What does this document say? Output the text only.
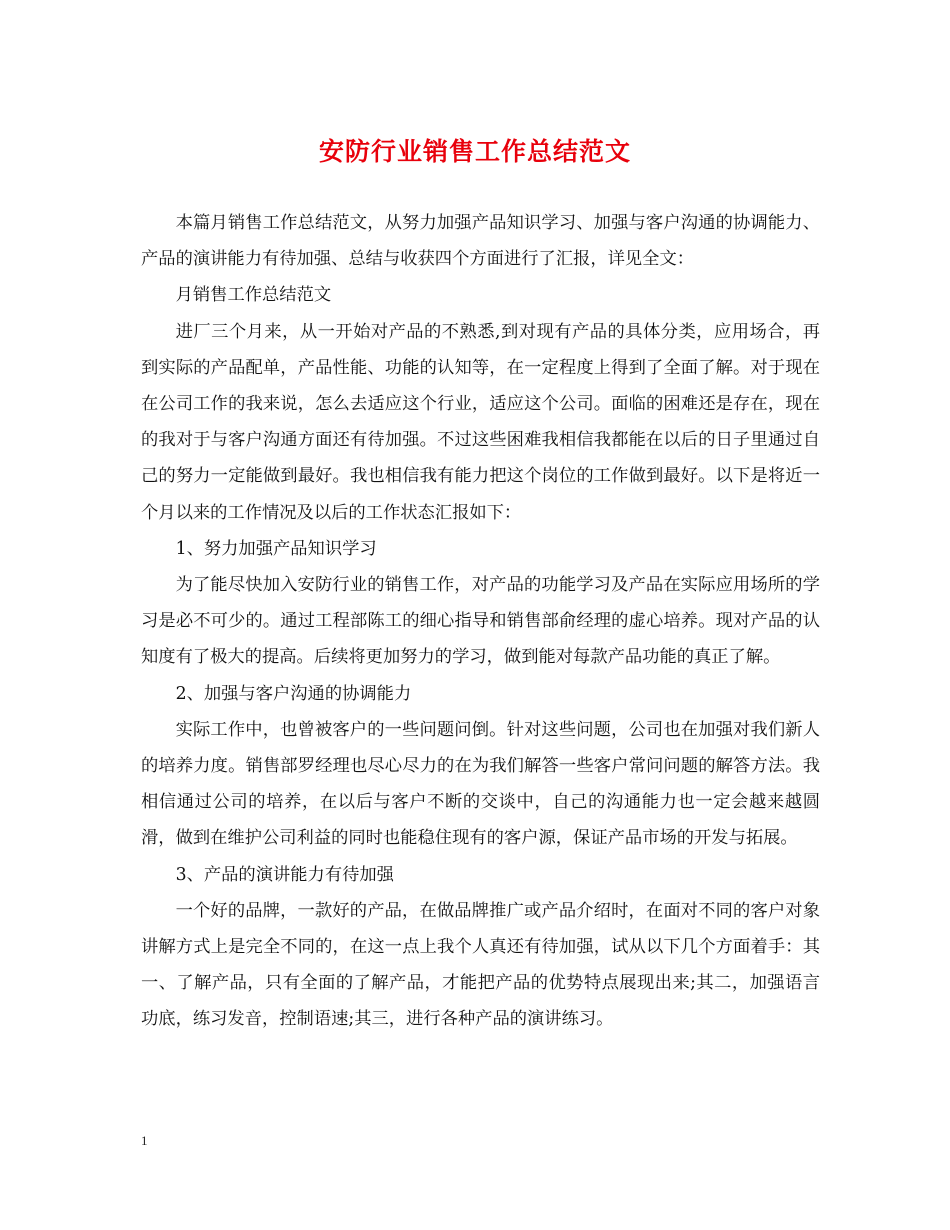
安防行业销售工作总结范文

本篇月销售工作总结范文，从努力加强产品知识学习、加强与客户沟通的协调能力、产品的演讲能力有待加强、总结与收获四个方面进行了汇报，详见全文：

月销售工作总结范文

进厂三个月来，从一开始对产品的不熟悉,到对现有产品的具体分类，应用场合，再到实际的产品配单，产品性能、功能的认知等，在一定程度上得到了全面了解。对于现在在公司工作的我来说，怎么去适应这个行业，适应这个公司。面临的困难还是存在，现在的我对于与客户沟通方面还有待加强。不过这些困难我相信我都能在以后的日子里通过自己的努力一定能做到最好。我也相信我有能力把这个岗位的工作做到最好。以下是将近一个月以来的工作情况及以后的工作状态汇报如下：

1、努力加强产品知识学习

为了能尽快加入安防行业的销售工作，对产品的功能学习及产品在实际应用场所的学习是必不可少的。通过工程部陈工的细心指导和销售部俞经理的虚心培养。现对产品的认知度有了极大的提高。后续将更加努力的学习，做到能对每款产品功能的真正了解。

2、加强与客户沟通的协调能力

实际工作中，也曾被客户的一些问题问倒。针对这些问题，公司也在加强对我们新人的培养力度。销售部罗经理也尽心尽力的在为我们解答一些客户常问问题的解答方法。我相信通过公司的培养，在以后与客户不断的交谈中，自己的沟通能力也一定会越来越圆滑，做到在维护公司利益的同时也能稳住现有的客户源，保证产品市场的开发与拓展。

3、产品的演讲能力有待加强

一个好的品牌，一款好的产品，在做品牌推广或产品介绍时，在面对不同的客户对象讲解方式上是完全不同的，在这一点上我个人真还有待加强，试从以下几个方面着手：其一、了解产品，只有全面的了解产品，才能把产品的优势特点展现出来;其二，加强语言功底，练习发音，控制语速;其三，进行各种产品的演讲练习。

1
